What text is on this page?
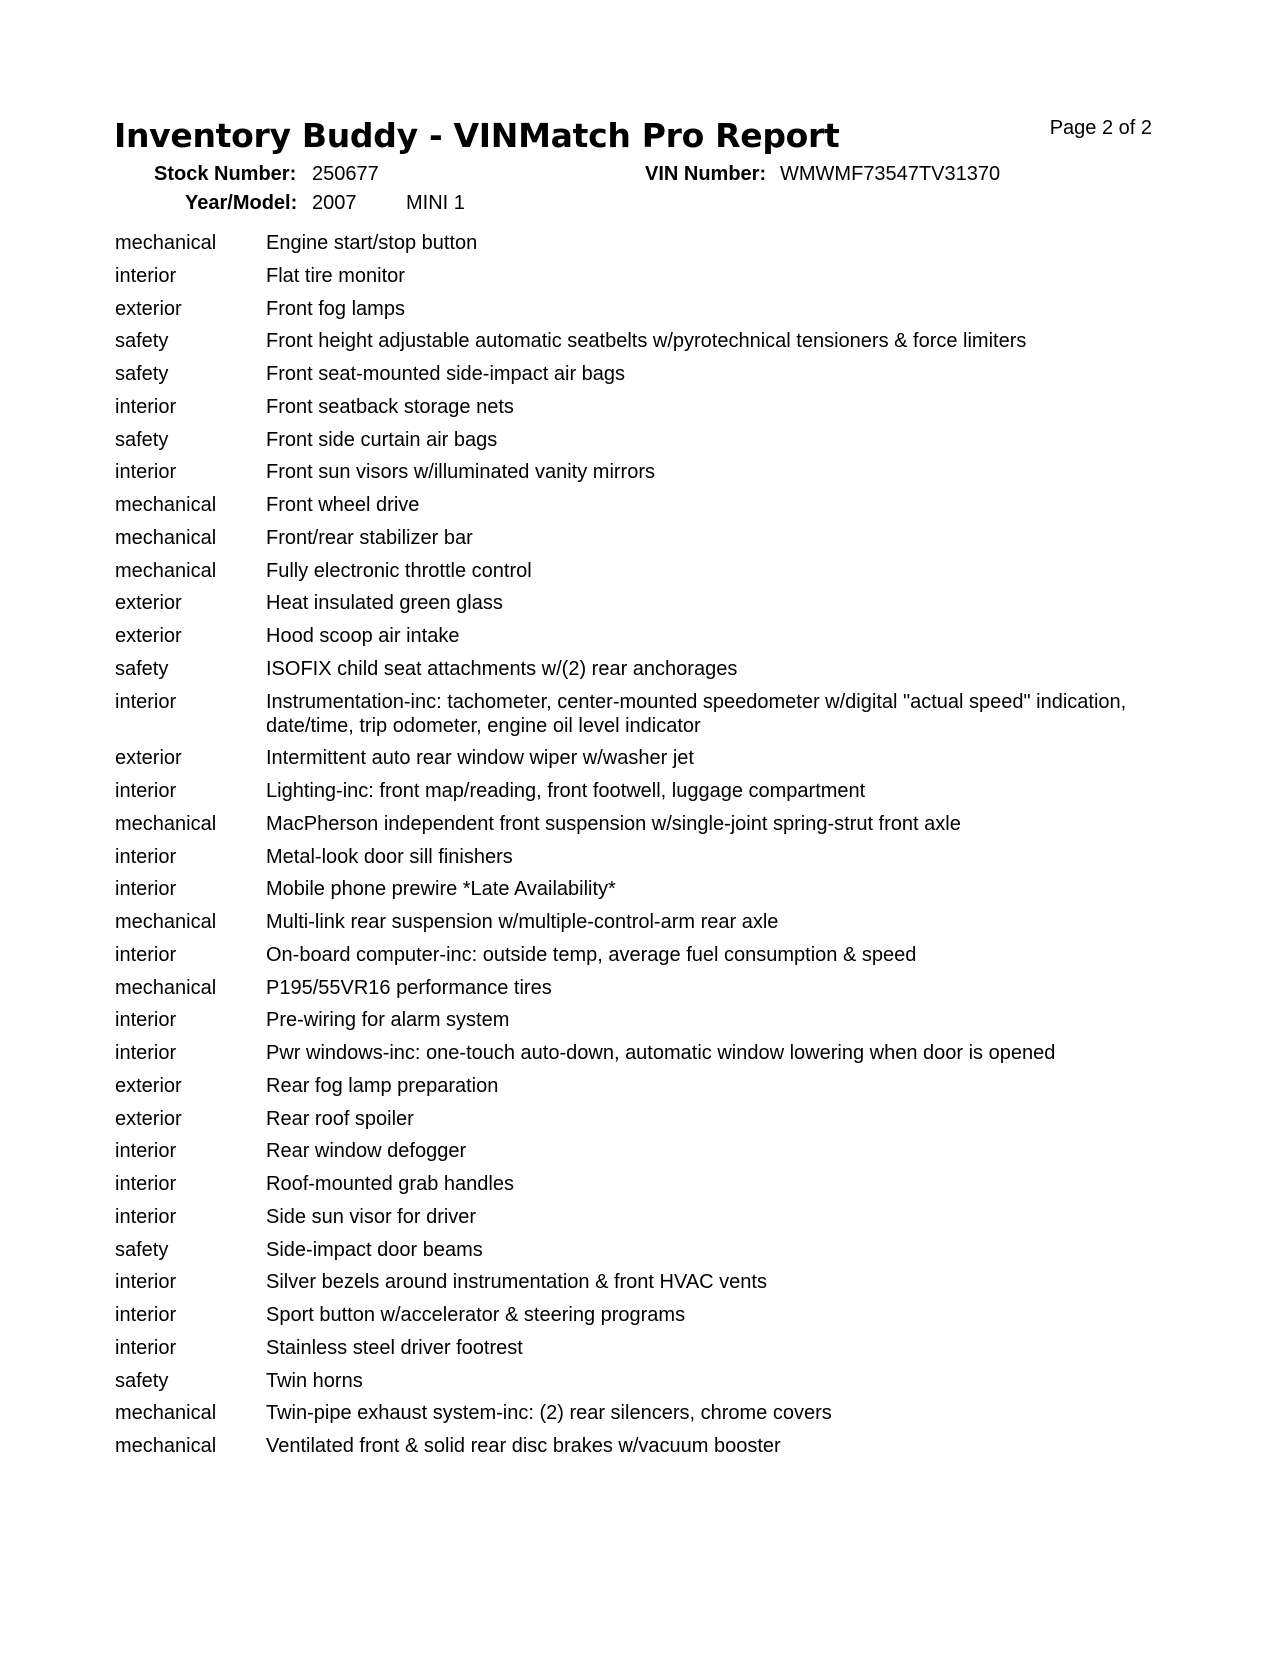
Inventory Buddy - VINMatch Pro Report	Page 2 of 2
Stock Number: 250677	VIN Number: WMWMF73547TV31370
Year/Model: 2007 MINI 1
mechanical	Engine start/stop button
interior	Flat tire monitor
exterior	Front fog lamps
safety	Front height adjustable automatic seatbelts w/pyrotechnical tensioners & force limiters
safety	Front seat-mounted side-impact air bags
interior	Front seatback storage nets
safety	Front side curtain air bags
interior	Front sun visors w/illuminated vanity mirrors
mechanical	Front wheel drive
mechanical	Front/rear stabilizer bar
mechanical	Fully electronic throttle control
exterior	Heat insulated green glass
exterior	Hood scoop air intake
safety	ISOFIX child seat attachments w/(2) rear anchorages
interior	Instrumentation-inc: tachometer, center-mounted speedometer w/digital "actual speed" indication, date/time, trip odometer, engine oil level indicator
exterior	Intermittent auto rear window wiper w/washer jet
interior	Lighting-inc: front map/reading, front footwell, luggage compartment
mechanical	MacPherson independent front suspension w/single-joint spring-strut front axle
interior	Metal-look door sill finishers
interior	Mobile phone prewire *Late Availability*
mechanical	Multi-link rear suspension w/multiple-control-arm rear axle
interior	On-board computer-inc: outside temp, average fuel consumption & speed
mechanical	P195/55VR16 performance tires
interior	Pre-wiring for alarm system
interior	Pwr windows-inc: one-touch auto-down, automatic window lowering when door is opened
exterior	Rear fog lamp preparation
exterior	Rear roof spoiler
interior	Rear window defogger
interior	Roof-mounted grab handles
interior	Side sun visor for driver
safety	Side-impact door beams
interior	Silver bezels around instrumentation & front HVAC vents
interior	Sport button w/accelerator & steering programs
interior	Stainless steel driver footrest
safety	Twin horns
mechanical	Twin-pipe exhaust system-inc: (2) rear silencers, chrome covers
mechanical	Ventilated front & solid rear disc brakes w/vacuum booster
